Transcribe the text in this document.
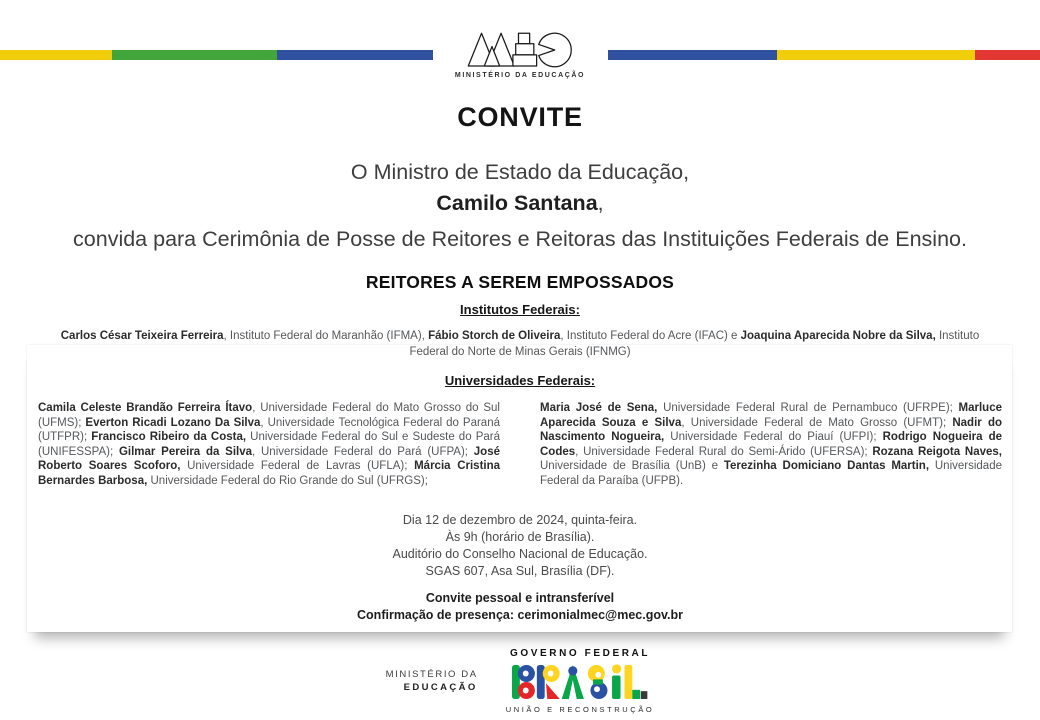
MINISTÉRIO DA EDUCAÇÃO
CONVITE
O Ministro de Estado da Educação,
Camilo Santana,
convida para Cerimônia de Posse de Reitores e Reitoras das Instituições Federais de Ensino.
REITORES A SEREM EMPOSSADOS
Institutos Federais:
Carlos César Teixeira Ferreira, Instituto Federal do Maranhão (IFMA), Fábio Storch de Oliveira, Instituto Federal do Acre (IFAC) e Joaquina Aparecida Nobre da Silva, Instituto Federal do Norte de Minas Gerais (IFNMG)
Universidades Federais:
Camila Celeste Brandão Ferreira Ítavo, Universidade Federal do Mato Grosso do Sul (UFMS); Everton Ricadi Lozano Da Silva, Universidade Tecnológica Federal do Paraná (UTFPR); Francisco Ribeiro da Costa, Universidade Federal do Sul e Sudeste do Pará (UNIFESSPA); Gilmar Pereira da Silva, Universidade Federal do Pará (UFPA); José Roberto Soares Scoforo, Universidade Federal de Lavras (UFLA); Márcia Cristina Bernardes Barbosa, Universidade Federal do Rio Grande do Sul (UFRGS);
Maria José de Sena, Universidade Federal Rural de Pernambuco (UFRPE); Marluce Aparecida Souza e Silva, Universidade Federal de Mato Grosso (UFMT); Nadir do Nascimento Nogueira, Universidade Federal do Piauí (UFPI); Rodrigo Nogueira de Codes, Universidade Federal Rural do Semi-Árido (UFERSA); Rozana Reigota Naves, Universidade de Brasília (UnB) e Terezinha Domiciano Dantas Martin, Universidade Federal da Paraíba (UFPB).
Dia 12 de dezembro de 2024, quinta-feira.
Às 9h (horário de Brasília).
Auditório do Conselho Nacional de Educação.
SGAS 607, Asa Sul, Brasília (DF).
Convite pessoal e intransferível
Confirmação de presença: cerimonialmec@mec.gov.br
MINISTÉRIO DA
EDUCAÇÃO
GOVERNO FEDERAL
UNIÃO E RECONSTRUÇÃO
